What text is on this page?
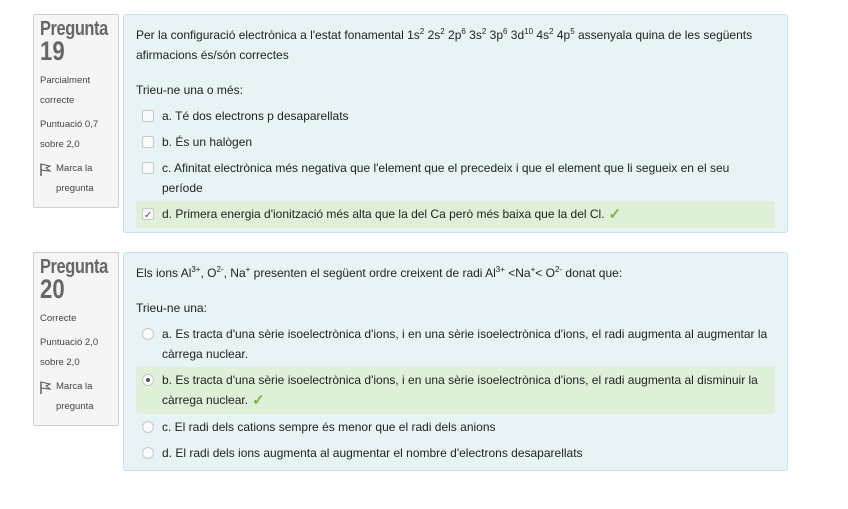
Pregunta
19
Parcialment correcte
Puntuació 0,7 sobre 2,0
Marca la pregunta
Per la configuració electrònica a l'estat fonamental $1s^2$ $2s^2$ $2p^6$ $3s^2$ $3p^6$ $3d^{10}$ $4s^2$ $4p^5$ assenyala quina de les següents afirmacions és/són correctes
Trieu-ne una o més:
a. Té dos electrons p desaparellats
b. És un halògen
c. Afinitat electrònica més negativa que l'element que el precedeix i que el element que li segueix en el seu període
✓
d. Primera energia d'ionització més alta que la del Ca però més baixa que la del Cl. ✓
Pregunta
20
Correcte
Puntuació 2,0 sobre 2,0
Marca la pregunta
Els ions $Al^{3+}$, $O^{2-}$, Na+ presenten el següent ordre creixent de radi $Al^{3+} <Na^+< O^{2-}$ donat que:
Trieu-ne una:
a. Es tracta d'una sèrie isoelectrònica d'ions, i en una sèrie isoelectrònica d'ions, el radi augmenta al augmentar la càrrega nuclear.
b. Es tracta d'una sèrie isoelectrònica d'ions, i en una sèrie isoelectrònica d'ions, el radi augmenta al disminuir la càrrega nuclear. ✓
c. El radi dels cations sempre és menor que el radi dels anions
d. El radi dels ions augmenta al augmentar el nombre d'electrons desaparellats
